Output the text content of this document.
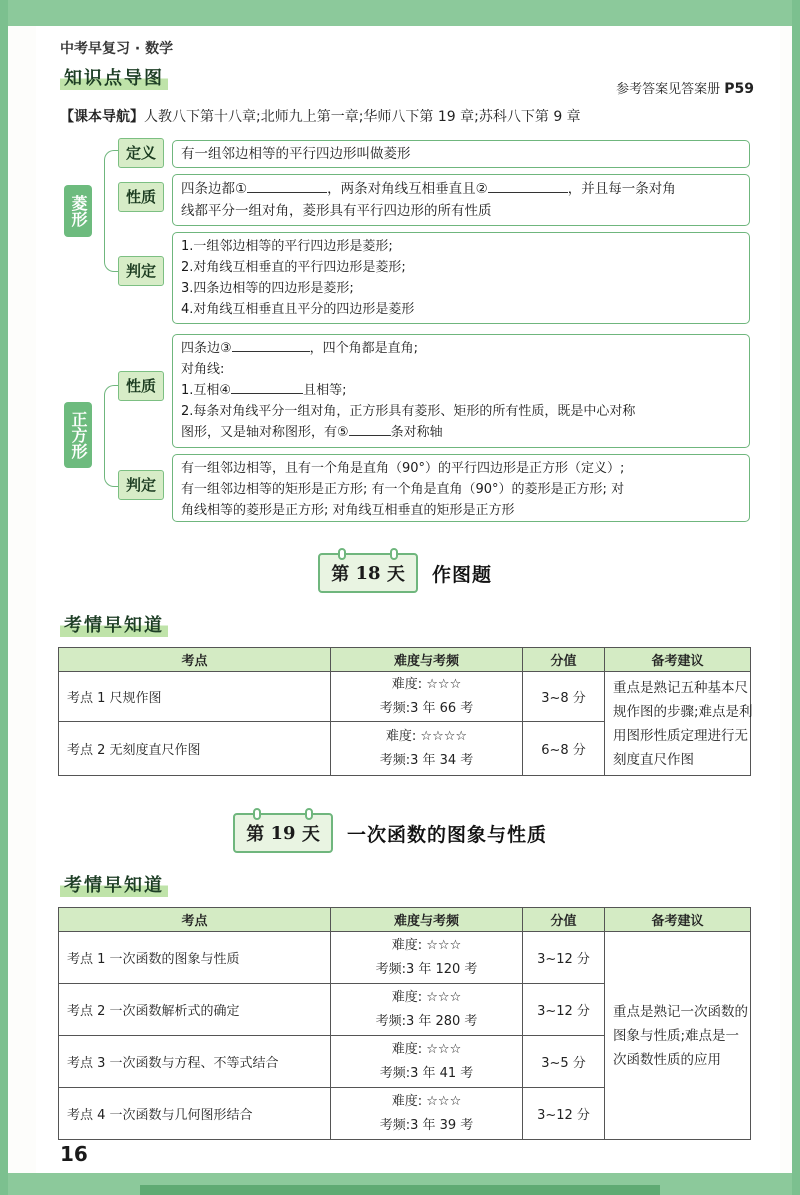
中考早复习 · 数学
知识点导图
参考答案见答案册 P59
【课本导航】人教八下第十八章;北师九上第一章;华师八下第 19 章;苏科八下第 9 章
菱形
定义	有一组邻边相等的平行四边形叫做菱形
性质	四条边都①	，两条对角线互相垂直且②	，并且每一条对角
线都平分一组对角，菱形具有平行四边形的所有性质
判定
1.一组邻边相等的平行四边形是菱形;
2.对角线互相垂直的平行四边形是菱形;
3.四条边相等的四边形是菱形;
4.对角线互相垂直且平分的四边形是菱形
正方形
性质
四条边③	，四个角都是直角;
对角线:
1.互相④	且相等;
2.每条对角线平分一组对角，正方形具有菱形、矩形的所有性质，既是中心对称
图形，又是轴对称图形，有⑤	条对称轴
判定
有一组邻边相等，且有一个角是直角（90°）的平行四边形是正方形（定义）;
有一组邻边相等的矩形是正方形; 有一个角是直角（90°）的菱形是正方形; 对
角线相等的菱形是正方形; 对角线互相垂直的矩形是正方形
第
18
天 作图题
考情早知道
考点	难度与考频	分值	备考建议
考点 1 尺规作图	难度: ☆☆☆
考频:3 年 66 考	3~8 分	重点是熟记五种基本尺
规作图的步骤;难点是利
用图形性质定理进行无
刻度直尺作图

考点 2 无刻度直尺作图	难度: ☆☆☆☆
考频:3 年 34 考	6~8 分	
第
19
天 一次函数的图象与性质
考情早知道
考点	难度与考频	分值	备考建议
考点 1 一次函数的图象与性质	难度: ☆☆☆
考频:3 年 120 考	3~12 分	重点是熟记一次函数的
图象与性质;难点是一
次函数性质的应用

考点 2 一次函数解析式的确定	难度: ☆☆☆
考频:3 年 280 考	3~12 分	
考点 3 一次函数与方程、不等式结合	难度: ☆☆☆
考频:3 年 41 考	3~5 分	
考点 4 一次函数与几何图形结合	难度: ☆☆☆
考频:3 年 39 考	3~12 分	
16
